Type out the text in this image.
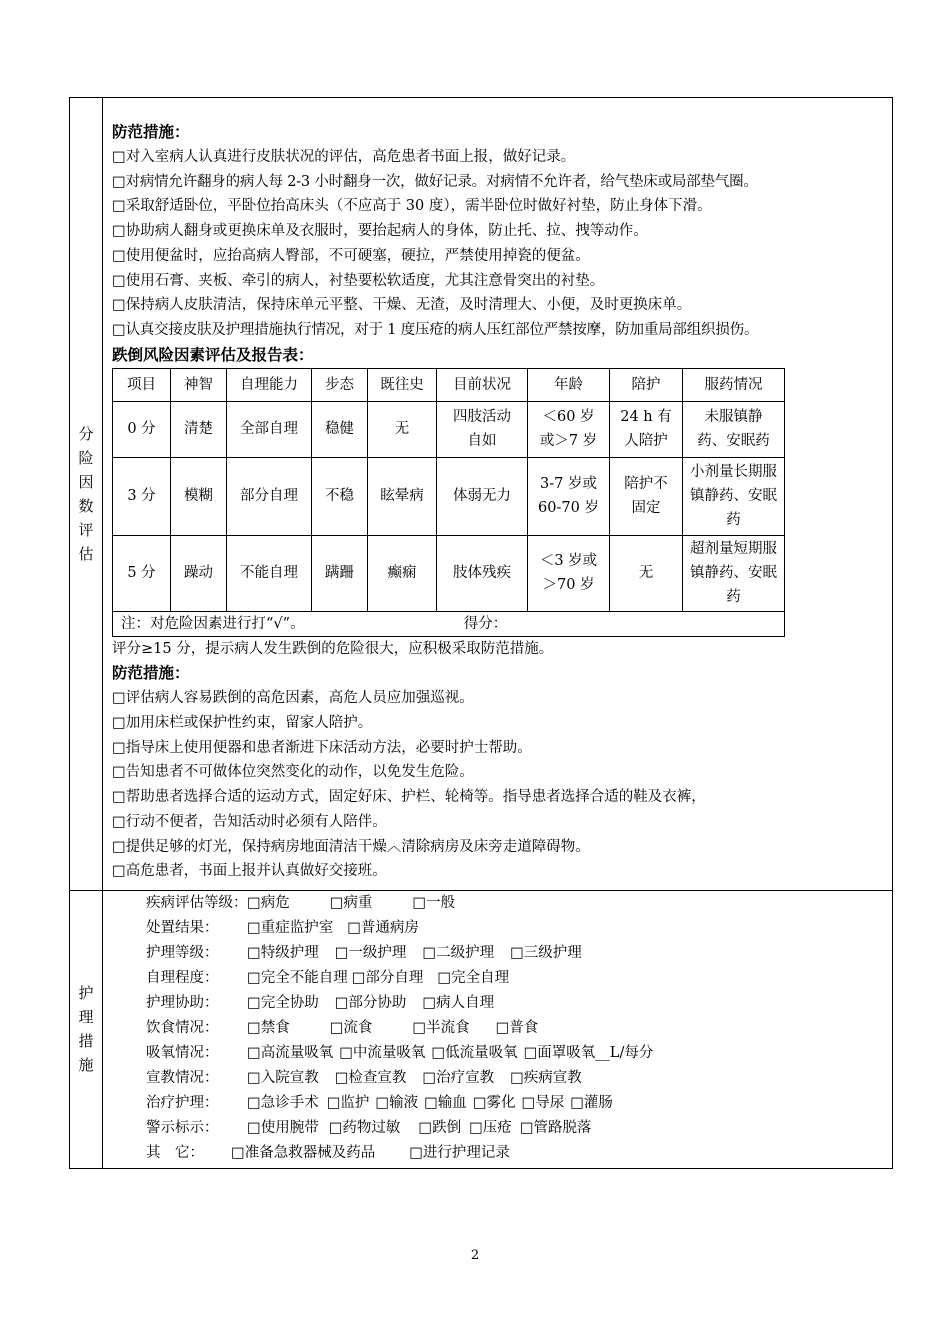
分险因数评估	
防范措施：
□对入室病人认真进行皮肤状况的评估，高危患者书面上报，做好记录。
□对病情允许翻身的病人每 2-3 小时翻身一次，做好记录。对病情不允许者，给气垫床或局部垫气圈。
□采取舒适卧位，平卧位抬高床头（不应高于 30 度），需半卧位时做好衬垫，防止身体下滑。
□协助病人翻身或更换床单及衣服时，要抬起病人的身体，防止托、拉、拽等动作。
□使用便盆时，应抬高病人臀部，不可硬塞，硬拉，严禁使用掉瓷的便盆。
□使用石膏、夹板、牵引的病人，衬垫要松软适度，尤其注意骨突出的衬垫。
□保持病人皮肤清洁，保持床单元平整、干燥、无渣，及时清理大、小便，及时更换床单。
□认真交接皮肤及护理措施执行情况，对于 1 度压疮的病人压红部位严禁按摩，防加重局部组织损伤。
跌倒风险因素评估及报告表：
项目	神智	自理能力	步态	既往史	目前状况	年龄	陪护	服药情况
0 分	清楚	全部自理	稳健	无	四肢活动自如	＜60 岁或＞7 岁	24 h 有人陪护	未服镇静药、安眠药
3 分	模糊	部分自理	不稳	眩晕病	体弱无力	3-7 岁或60-70 岁	陪护不固定	小剂量长期服镇静药、安眠药
5 分	躁动	不能自理	蹒跚	癫痫	肢体残疾	＜3 岁或＞70 岁	无	超剂量短期服镇静药、安眠药
注：对危险因素进行打“√”。	得分：
评分≥15 分，提示病人发生跌倒的危险很大，应积极采取防范措施。
防范措施：
□评估病人容易跌倒的高危因素，高危人员应加强巡视。
□加用床栏或保护性约束，留家人陪护。
□指导床上使用便器和患者渐进下床活动方法，必要时护士帮助。
□告知患者不可做体位突然变化的动作，以免发生危险。
□帮助患者选择合适的运动方式，固定好床、护栏、轮椅等。指导患者选择合适的鞋及衣裤，
□行动不便者，告知活动时必须有人陪伴。
□提供足够的灯光，保持病房地面清洁干燥︿清除病房及床旁走道障碍物。
□高危患者，书面上报并认真做好交接班。

护理措施	
疾病评估等级：□病危	□病重	□一般
处置结果： □重症监护室 □普通病房
护理等级： □特级护理 □一级护理 □二级护理 □三级护理
自理程度： □完全不能自理 □部分自理 □完全自理
护理协助： □完全协助 □部分协助 □病人自理
饮食情况： □禁食	□流食	□半流食 □普食
吸氧情况： □高流量吸氧 □中流量吸氧 □低流量吸氧 □面罩吸氧__L/每分
宣教情况： □入院宣教 □检查宣教 □治疗宣教 □疾病宣教
治疗护理： □急诊手术 □监护 □输液 □输血 □雾化 □导尿 □灌肠
警示标示： □使用腕带 □药物过敏 □跌倒 □压疮 □管路脱落
其　它： □准备急救器械及药品 □进行护理记录
2
